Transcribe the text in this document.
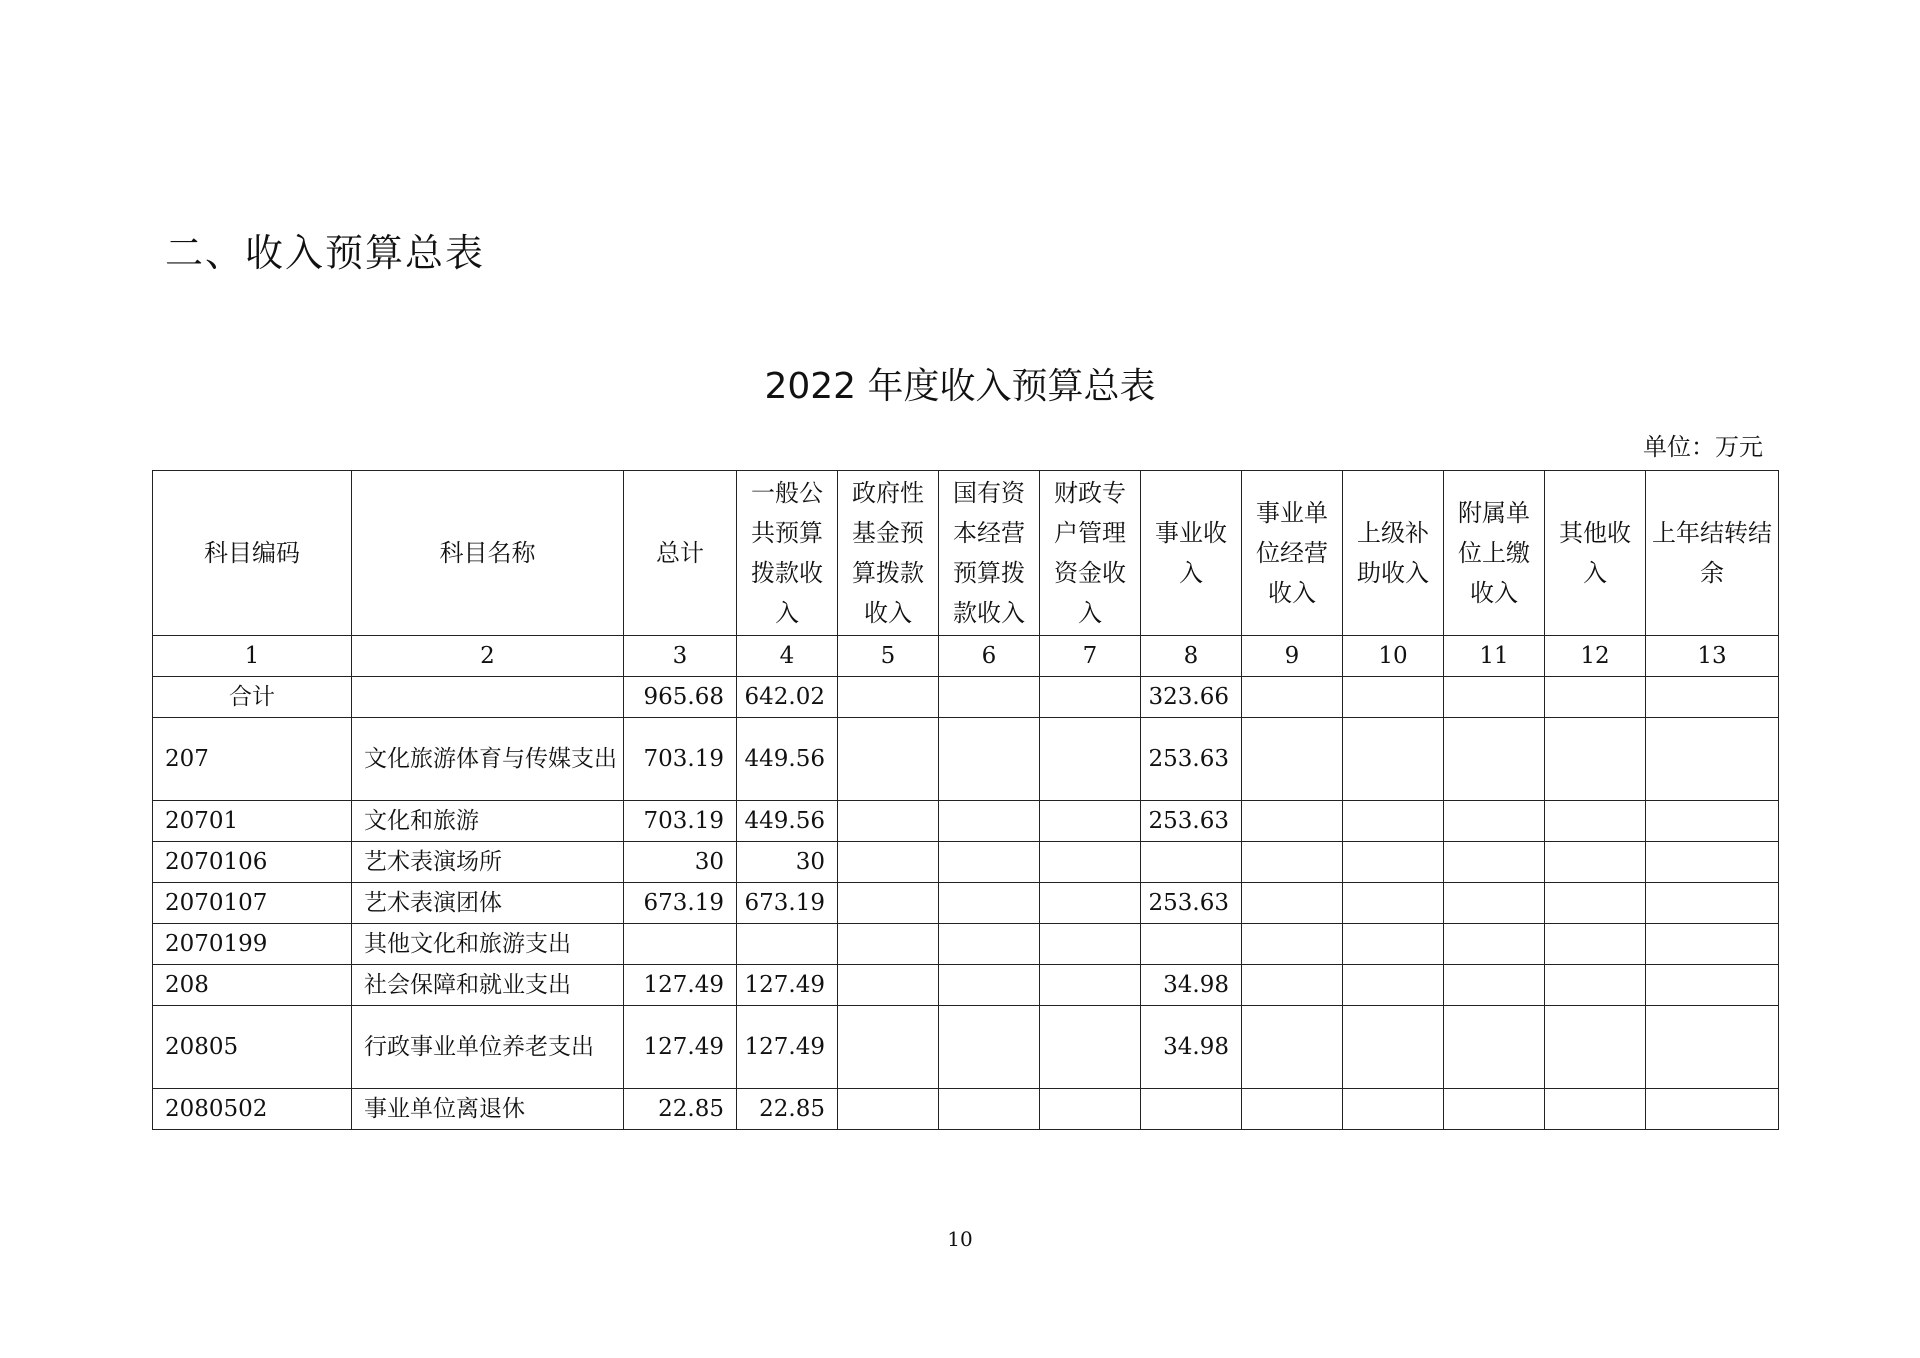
二、收入预算总表
2022 年度收入预算总表
单位：万元
科目编码	科目名称	总计	一般公共预算拨款收入	政府性基金预算拨款收入	国有资本经营预算拨款收入	财政专户管理资金收入	事业收入	事业单位经营收入	上级补助收入	附属单位上缴收入	其他收入	上年结转结余

1	2	3	4	5	6	7	8	9	10	11	12	13
合计		965.68	642.02				323.66					
207	文化旅游体育与传媒支出	703.19	449.56				253.63					
20701	文化和旅游	703.19	449.56				253.63					
2070106	艺术表演场所	30	30									
2070107	艺术表演团体	673.19	673.19				253.63					
2070199	其他文化和旅游支出											
208	社会保障和就业支出	127.49	127.49				34.98					
20805	行政事业单位养老支出	127.49	127.49				34.98					
2080502	事业单位离退休	22.85	22.85									
10
